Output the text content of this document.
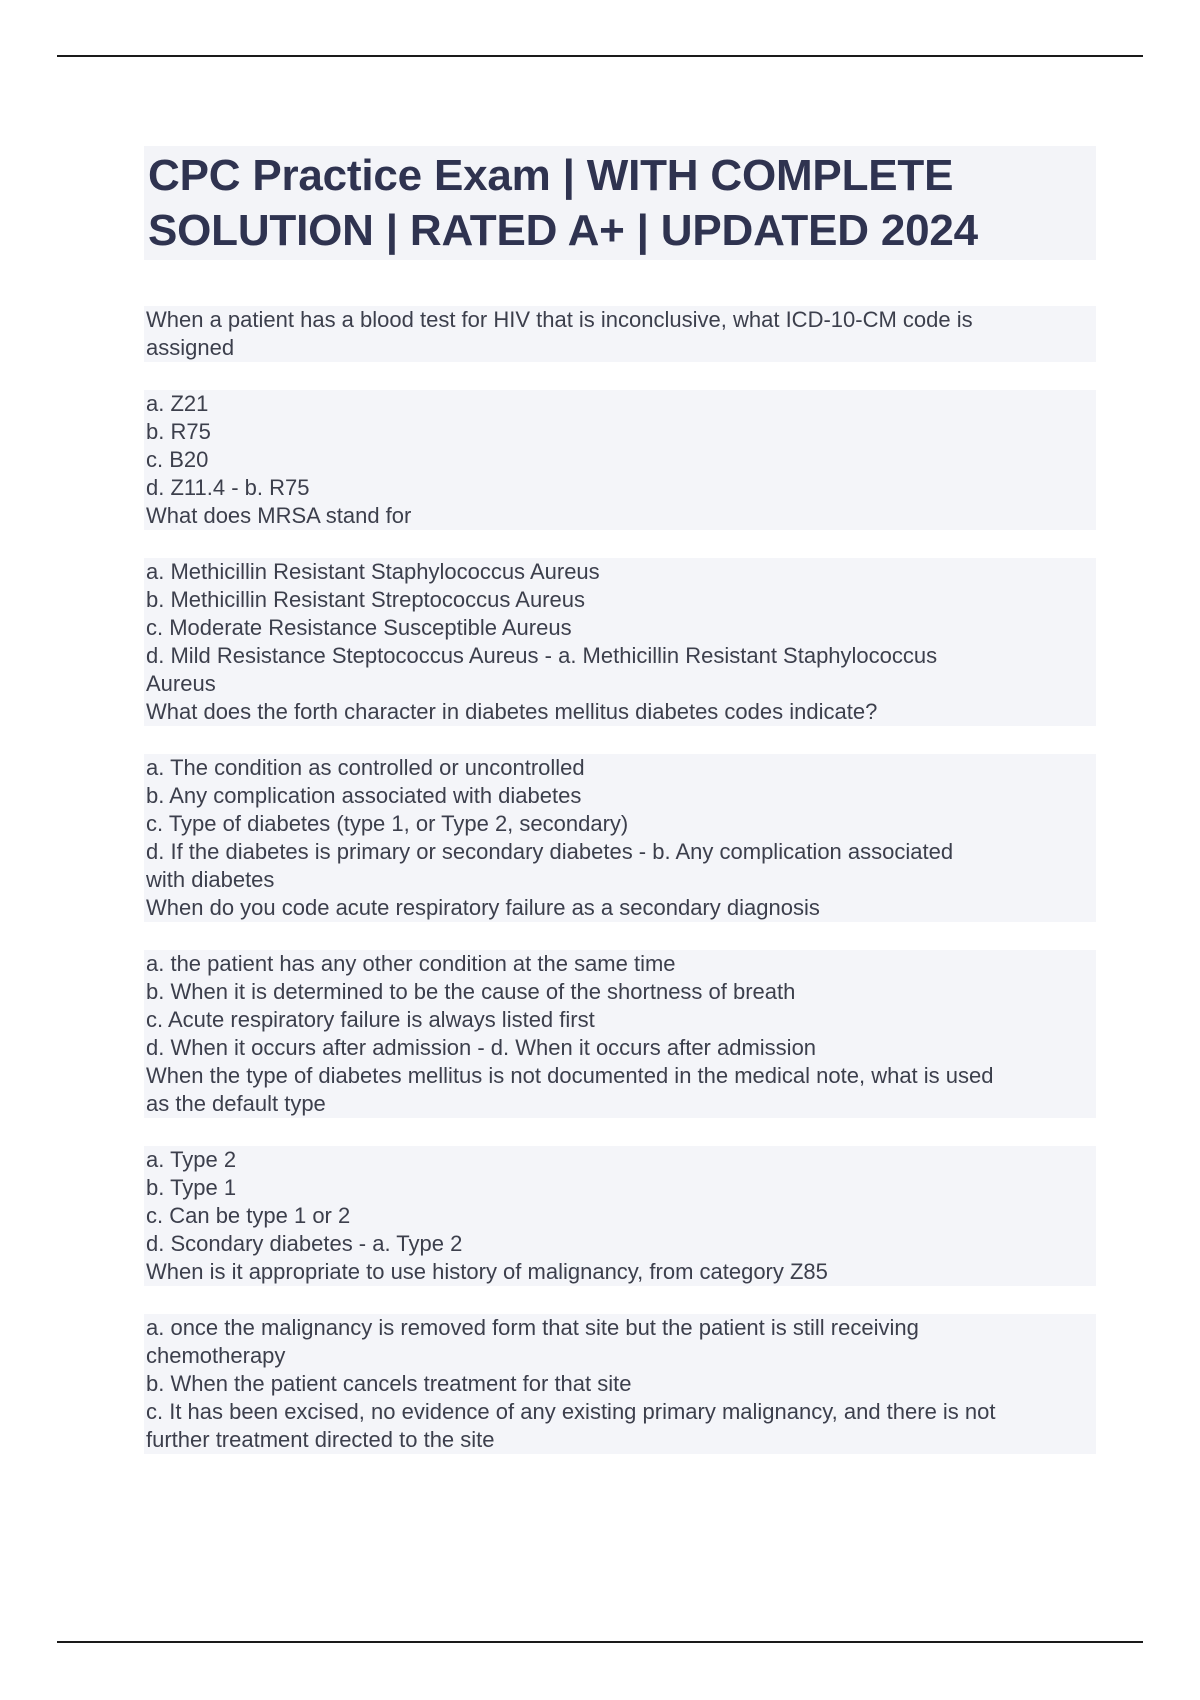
CPC Practice Exam | WITH COMPLETE
SOLUTION | RATED A+ | UPDATED 2024
When a patient has a blood test for HIV that is inconclusive, what ICD-10-CM code is
assigned
a. Z21
b. R75
c. B20
d. Z11.4 - b. R75
What does MRSA stand for
a. Methicillin Resistant Staphylococcus Aureus
b. Methicillin Resistant Streptococcus Aureus
c. Moderate Resistance Susceptible Aureus
d. Mild Resistance Steptococcus Aureus - a. Methicillin Resistant Staphylococcus
Aureus
What does the forth character in diabetes mellitus diabetes codes indicate?
a. The condition as controlled or uncontrolled
b. Any complication associated with diabetes
c. Type of diabetes (type 1, or Type 2, secondary)
d. If the diabetes is primary or secondary diabetes - b. Any complication associated
with diabetes
When do you code acute respiratory failure as a secondary diagnosis
a. the patient has any other condition at the same time
b. When it is determined to be the cause of the shortness of breath
c. Acute respiratory failure is always listed first
d. When it occurs after admission - d. When it occurs after admission
When the type of diabetes mellitus is not documented in the medical note, what is used
as the default type
a. Type 2
b. Type 1
c. Can be type 1 or 2
d. Scondary diabetes - a. Type 2
When is it appropriate to use history of malignancy, from category Z85
a. once the malignancy is removed form that site but the patient is still receiving
chemotherapy
b. When the patient cancels treatment for that site
c. It has been excised, no evidence of any existing primary malignancy, and there is not
further treatment directed to the site
